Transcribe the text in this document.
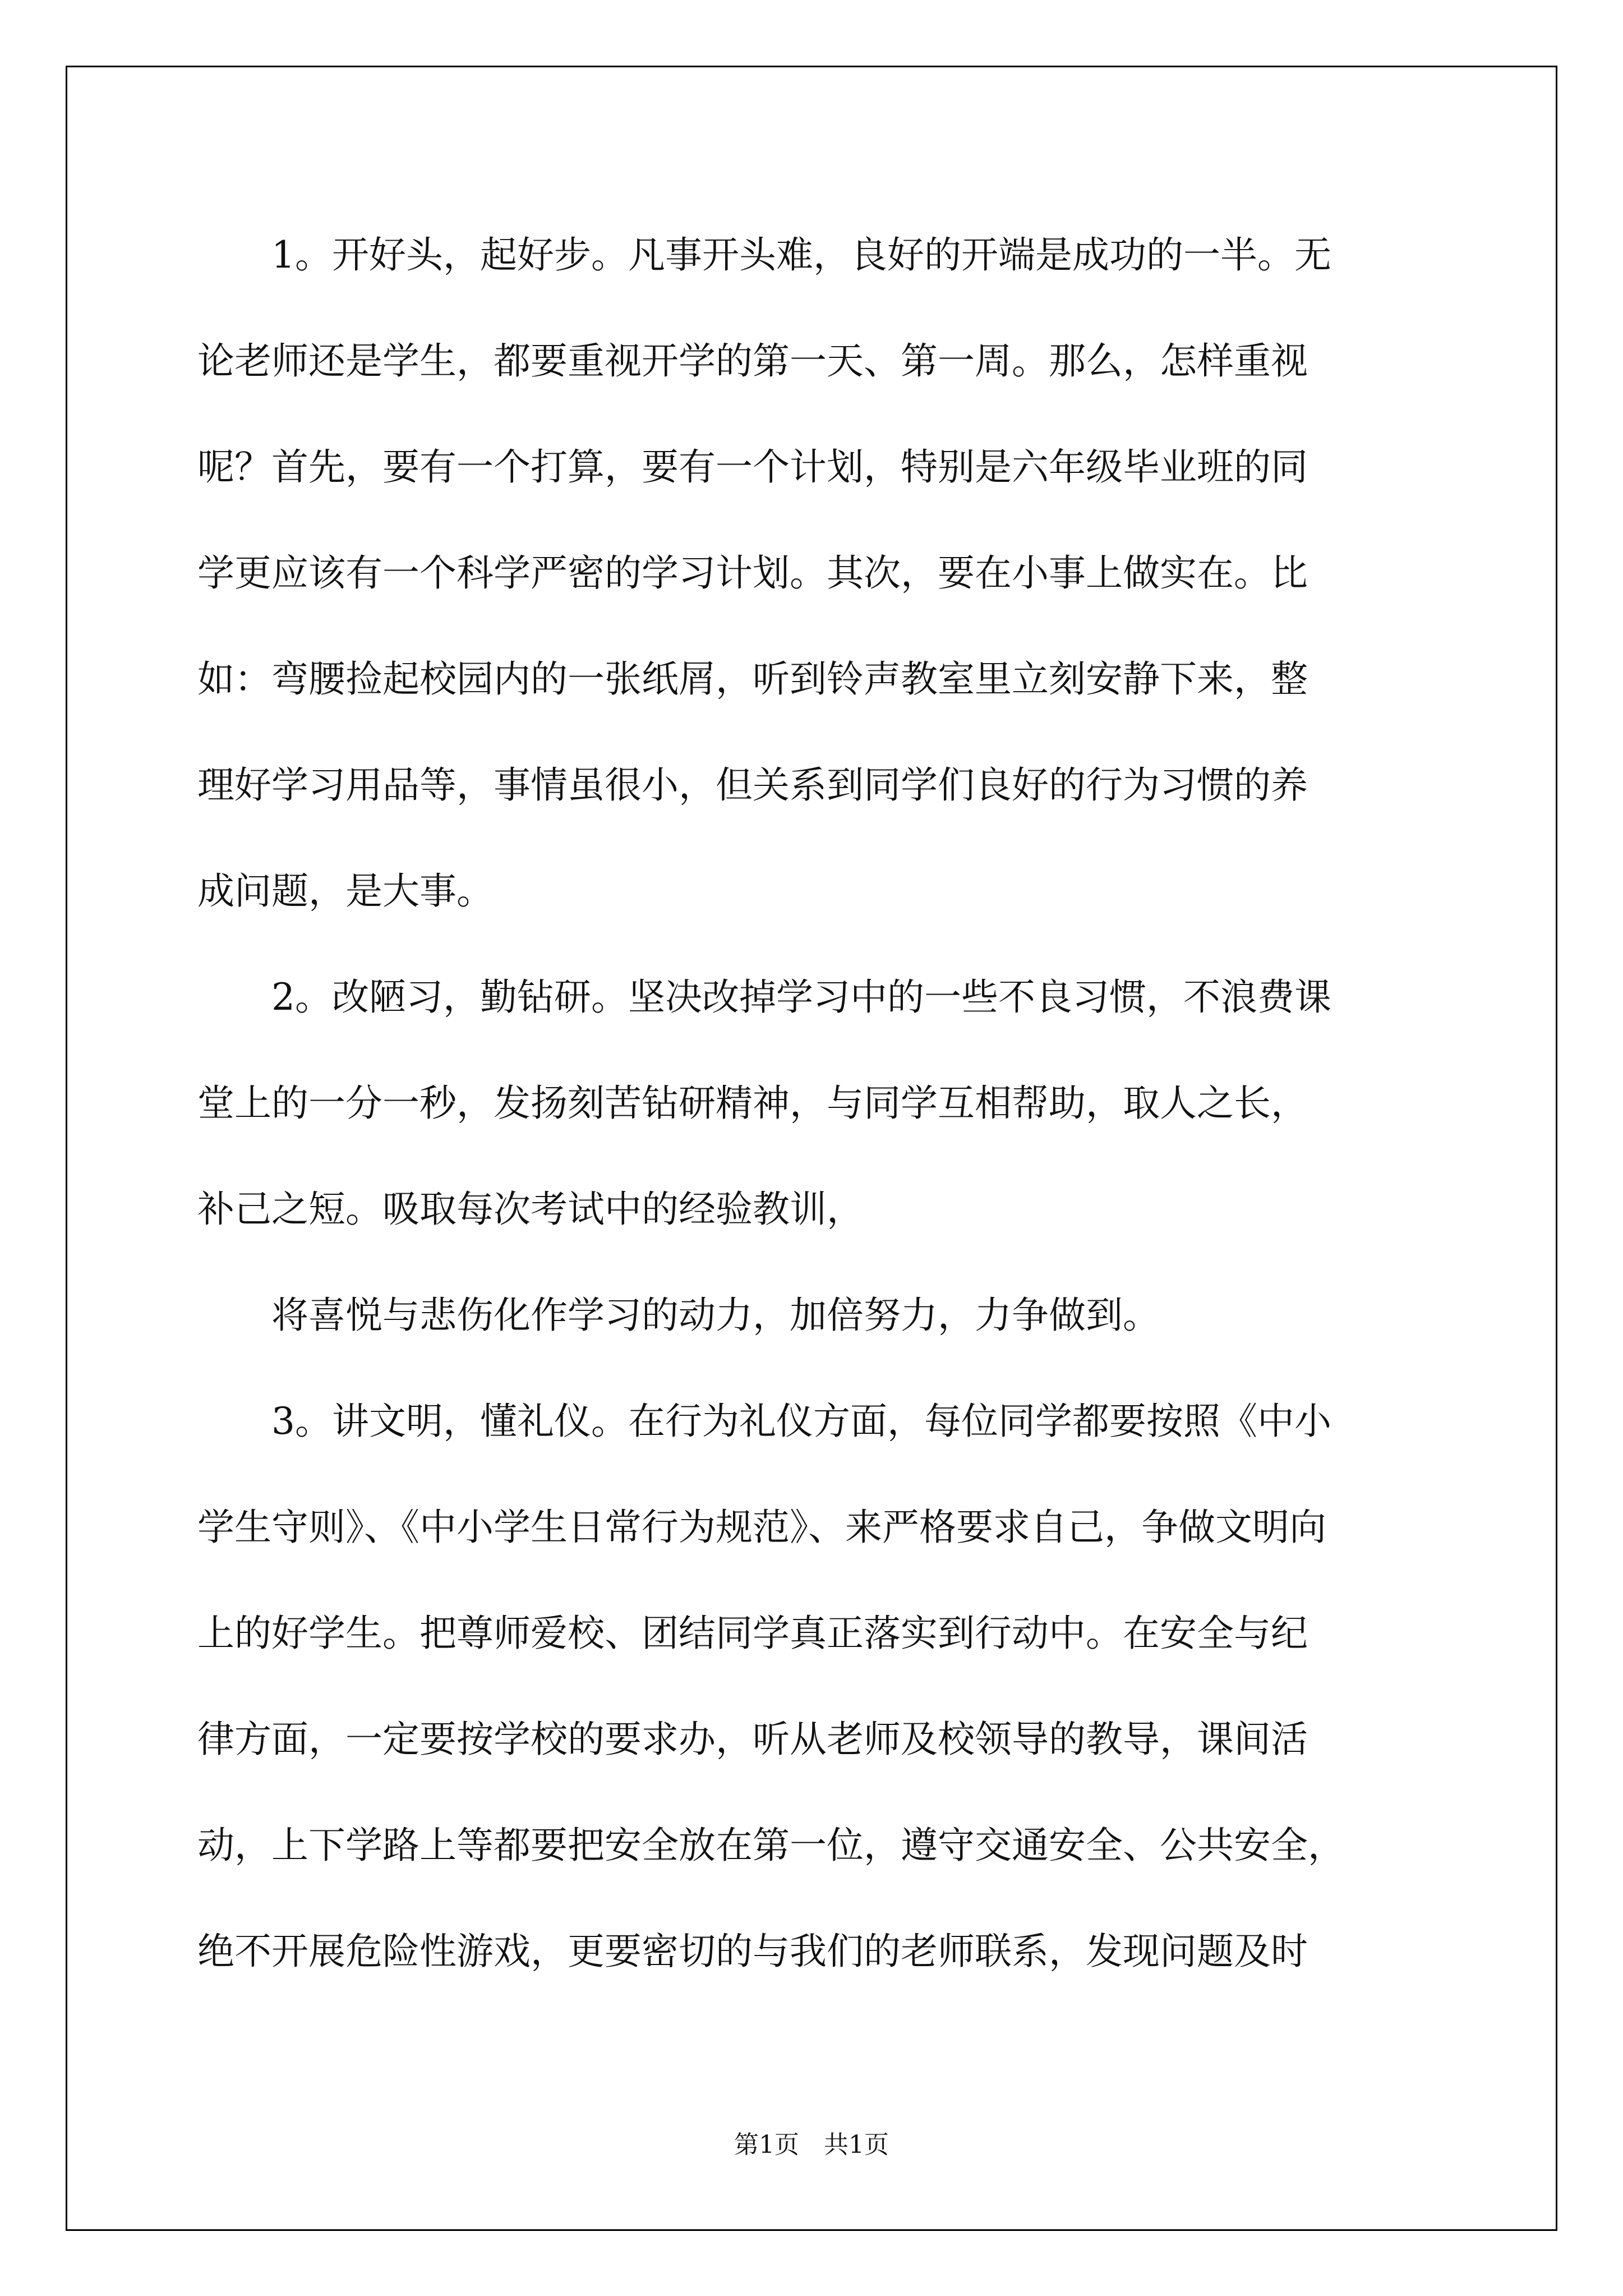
1。开好头，起好步。凡事开头难，良好的开端是成功的一半。无
论老师还是学生，都要重视开学的第一天、第一周。那么，怎样重视
呢？首先，要有一个打算，要有一个计划，特别是六年级毕业班的同
学更应该有一个科学严密的学习计划。其次，要在小事上做实在。比
如：弯腰捡起校园内的一张纸屑，听到铃声教室里立刻安静下来，整
理好学习用品等，事情虽很小，但关系到同学们良好的行为习惯的养
成问题，是大事。
2。改陋习，勤钻研。坚决改掉学习中的一些不良习惯，不浪费课
堂上的一分一秒，发扬刻苦钻研精神，与同学互相帮助，取人之长，
补己之短。吸取每次考试中的经验教训，
将喜悦与悲伤化作学习的动力，加倍努力，力争做到。
3。讲文明，懂礼仪。在行为礼仪方面，每位同学都要按照《中小
学生守则》、《中小学生日常行为规范》、来严格要求自己，争做文明向
上的好学生。把尊师爱校、团结同学真正落实到行动中。在安全与纪
律方面，一定要按学校的要求办，听从老师及校领导的教导，课间活
动，上下学路上等都要把安全放在第一位，遵守交通安全、公共安全，
绝不开展危险性游戏，更要密切的与我们的老师联系，发现问题及时
第1页　共1页
